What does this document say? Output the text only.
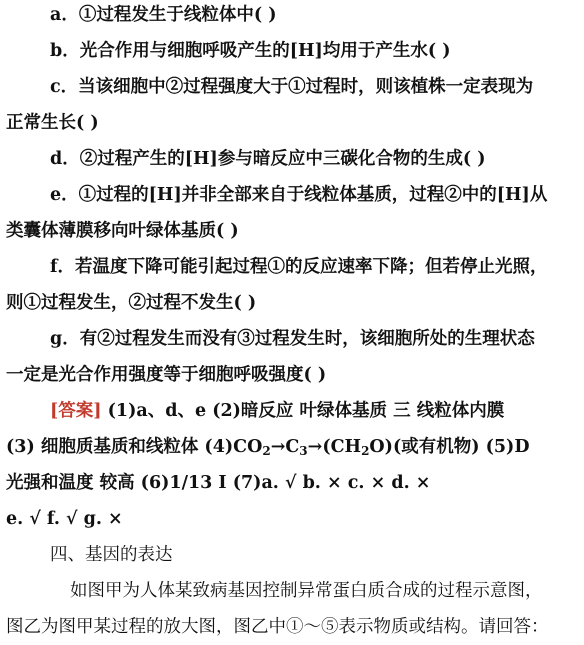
a．①过程发生于线粒体中( )
b．光合作用与细胞呼吸产生的[H]均用于产生水( )
c．当该细胞中②过程强度大于①过程时，则该植株一定表现为
正常生长( )
d．②过程产生的[H]参与暗反应中三碳化合物的生成( )
e．①过程的[H]并非全部来自于线粒体基质，过程②中的[H]从
类囊体薄膜移向叶绿体基质( )
f．若温度下降可能引起过程①的反应速率下降；但若停止光照，
则①过程发生，②过程不发生( )
g．有②过程发生而没有③过程发生时，该细胞所处的生理状态
一定是光合作用强度等于细胞呼吸强度( )
[答案] (1)a、d、e (2)暗反应 叶绿体基质 三 线粒体内膜
(3) 细胞质基质和线粒体 $(4)CO_2\to C_3\to(CH_2O)$(或有机物) (5)D
光强和温度 较高 (6)1/13 Ⅰ (7)a. √ b. × c. × d. ×
e. √ f. √ g. ×
四、基因的表达
如图甲为人体某致病基因控制异常蛋白质合成的过程示意图，
图乙为图甲某过程的放大图，图乙中①～⑤表示物质或结构。请回答：
